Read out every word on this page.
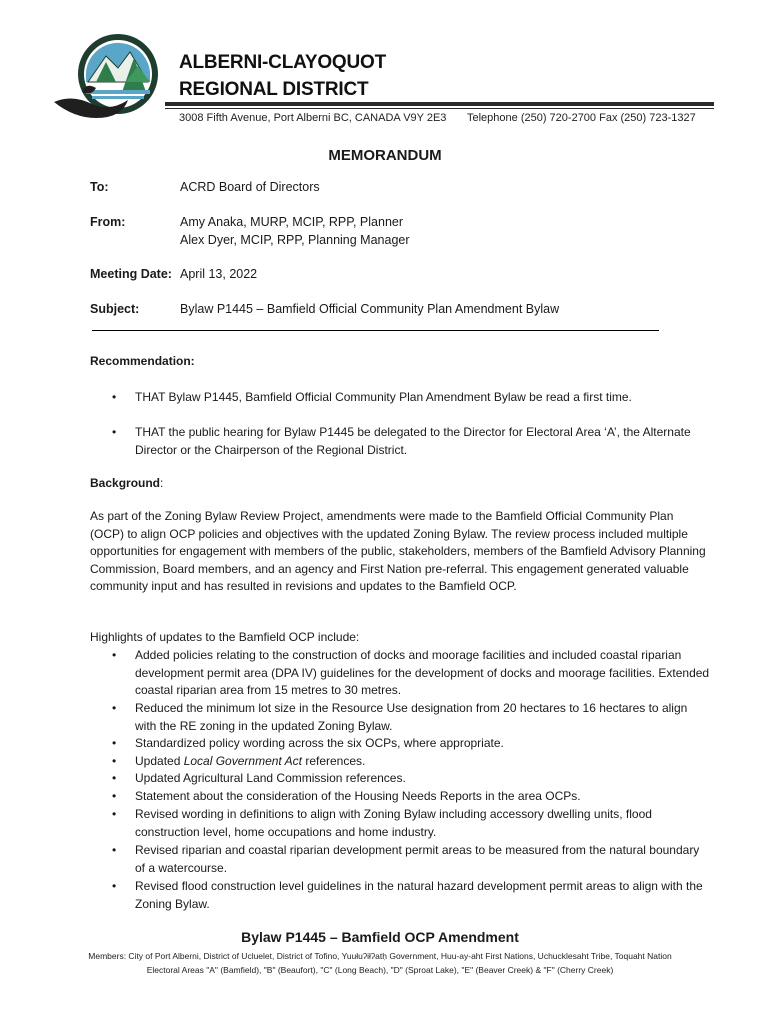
ALBERNI-CLAYOQUOT
REGIONAL DISTRICT
3008 Fifth Avenue, Port Alberni BC, CANADA V9Y 2E3 Telephone (250) 720-2700 Fax (250) 723-1327
MEMORANDUM
To:	ACRD Board of Directors
From:	Amy Anaka, MURP, MCIP, RPP, Planner
Alex Dyer, MCIP, RPP, Planning Manager
Meeting Date: April 13, 2022
Subject:	Bylaw P1445 – Bamfield Official Community Plan Amendment Bylaw
Recommendation:
• THAT Bylaw P1445, Bamfield Official Community Plan Amendment Bylaw be read a first time.
• THAT the public hearing for Bylaw P1445 be delegated to the Director for Electoral Area ‘A’, the Alternate Director or the Chairperson of the Regional District.
Background:
As part of the Zoning Bylaw Review Project, amendments were made to the Bamfield Official Community Plan (OCP) to align OCP policies and objectives with the updated Zoning Bylaw. The review process included multiple opportunities for engagement with members of the public, stakeholders, members of the Bamfield Advisory Planning Commission, Board members, and an agency and First Nation pre-referral. This engagement generated valuable community input and has resulted in revisions and updates to the Bamfield OCP.
Highlights of updates to the Bamfield OCP include:
• Added policies relating to the construction of docks and moorage facilities and included coastal riparian development permit area (DPA IV) guidelines for the development of docks and moorage facilities. Extended coastal riparian area from 15 metres to 30 metres.
• Reduced the minimum lot size in the Resource Use designation from 20 hectares to 16 hectares to align with the RE zoning in the updated Zoning Bylaw.
• Standardized policy wording across the six OCPs, where appropriate.
• Updated Local Government Act references.
• Updated Agricultural Land Commission references.
• Statement about the consideration of the Housing Needs Reports in the area OCPs.
• Revised wording in definitions to align with Zoning Bylaw including accessory dwelling units, flood construction level, home occupations and home industry.
• Revised riparian and coastal riparian development permit areas to be measured from the natural boundary of a watercourse.
• Revised flood construction level guidelines in the natural hazard development permit areas to align with the Zoning Bylaw.
Bylaw P1445 – Bamfield OCP Amendment
Members: City of Port Alberni, District of Ucluelet, District of Tofino, Yuułuʔiłʔatḥ Government, Huu-ay-aht First Nations, Uchucklesaht Tribe, Toquaht Nation
Electoral Areas "A" (Bamfield), "B" (Beaufort), "C" (Long Beach), "D" (Sproat Lake), "E" (Beaver Creek) & "F" (Cherry Creek)
